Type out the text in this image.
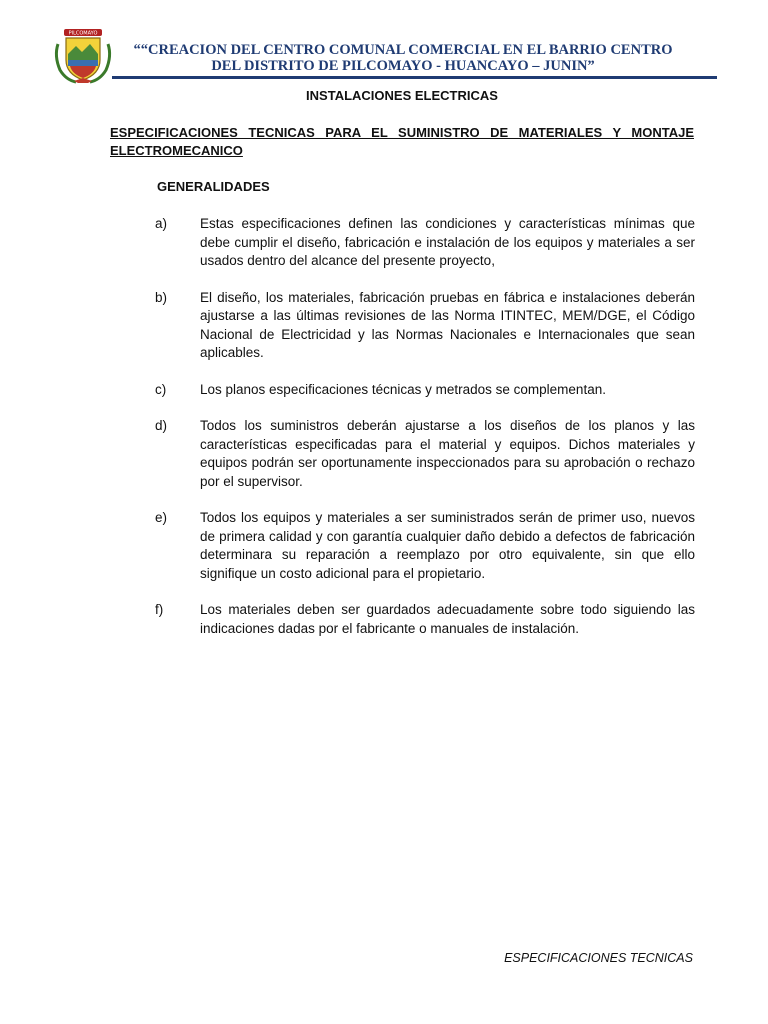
PILCOMAYO
““CREACION DEL CENTRO COMUNAL COMERCIAL EN EL BARRIO CENTRO DEL DISTRITO DE PILCOMAYO - HUANCAYO – JUNIN”
INSTALACIONES ELECTRICAS
ESPECIFICACIONES TECNICAS PARA EL SUMINISTRO DE MATERIALES Y MONTAJE ELECTROMECANICO
GENERALIDADES
a)	Estas especificaciones definen las condiciones y características mínimas que debe cumplir el diseño, fabricación e instalación de los equipos y materiales a ser usados dentro del alcance del presente proyecto,
b)	El diseño, los materiales, fabricación pruebas en fábrica e instalaciones deberán ajustarse a las últimas revisiones de las Norma ITINTEC, MEM/DGE, el Código Nacional de Electricidad y las Normas Nacionales e Internacionales que sean aplicables.
c)	Los planos especificaciones técnicas y metrados se complementan.
d)	Todos los suministros deberán ajustarse a los diseños de los planos y las características especificadas para el material y equipos. Dichos materiales y equipos podrán ser oportunamente inspeccionados para su aprobación o rechazo por el supervisor.
e)	Todos los equipos y materiales a ser suministrados serán de primer uso, nuevos de primera calidad y con garantía cualquier daño debido a defectos de fabricación determinara su reparación a reemplazo por otro equivalente, sin que ello signifique un costo adicional para el propietario.
f)	Los materiales deben ser guardados adecuadamente sobre todo siguiendo las indicaciones dadas por el fabricante o manuales de instalación.
ESPECIFICACIONES TECNICAS
